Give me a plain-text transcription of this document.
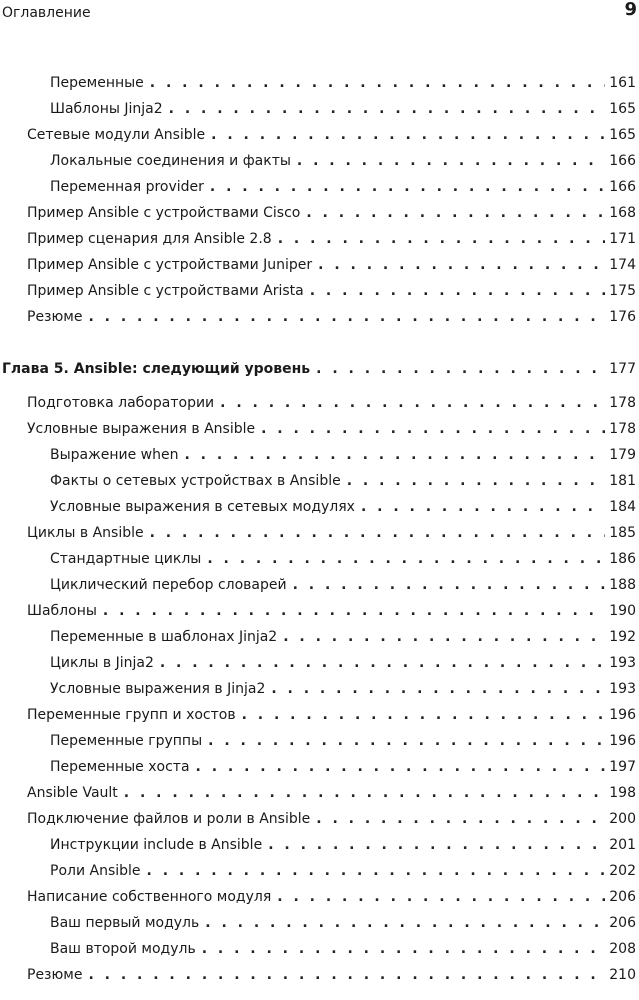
Оглавление	9
Переменные . . .	161
Шаблоны Jinja2 . . .	165
Сетевые модули Ansible . . .	165
Локальные соединения и факты . . .	166
Переменная provider . . .	166
Пример Ansible с устройствами Cisco . . .	168
Пример сценария для Ansible 2.8 . . .	171
Пример Ansible с устройствами Juniper . . .	174
Пример Ansible с устройствами Arista . . .	175
Резюме . . .	176
Глава 5. Ansible: следующий уровень . . .	177
Подготовка лаборатории . . .	178
Условные выражения в Ansible . . .	178
Выражение when . . .	179
Факты о сетевых устройствах в Ansible . . .	181
Условные выражения в сетевых модулях . . .	184
Циклы в Ansible . . .	185
Стандартные циклы . . .	186
Циклический перебор словарей . . .	188
Шаблоны . . .	190
Переменные в шаблонах Jinja2 . . .	192
Циклы в Jinja2 . . .	193
Условные выражения в Jinja2 . . .	193
Переменные групп и хостов . . .	196
Переменные группы . . .	196
Переменные хоста . . .	197
Ansible Vault . . .	198
Подключение файлов и роли в Ansible . . .	200
Инструкции include в Ansible . . .	201
Роли Ansible . . .	202
Написание собственного модуля . . .	206
Ваш первый модуль . . .	206
Ваш второй модуль . . .	208
Резюме . . .	210
